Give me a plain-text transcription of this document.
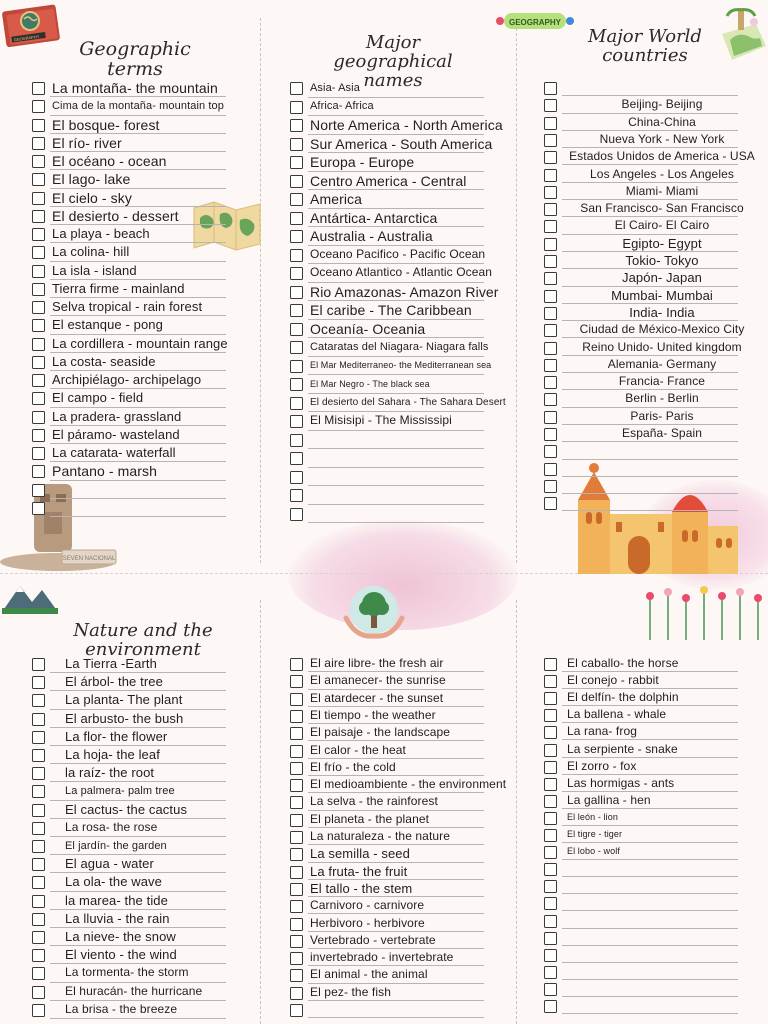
GEOGRAPHY
GEOGRAPHY
SEVEN NACIONAL
Geographic terms
Major geographical names
Major World countries
Nature and the environment
La montaña- the mountain
Cima de la montaña- mountain top
El bosque- forest
El río- river
El océano - ocean
El lago- lake
El cielo - sky
El desierto - dessert
La playa - beach
La colina- hill
La isla - island
Tierra firme - mainland
Selva tropical - rain forest
El estanque - pong
La cordillera - mountain range
La costa- seaside
Archipiélago- archipelago
El campo - field
La pradera- grassland
El páramo- wasteland
La catarata- waterfall
Pantano - marsh
Asia- Asia
Africa- Africa
Norte America - North America
Sur America - South America
Europa - Europe
Centro America - Central
America
Antártica- Antarctica
Australia - Australia
Oceano Pacifico - Pacific Ocean
Oceano Atlantico - Atlantic Ocean
Rio Amazonas- Amazon River
El caribe - The Caribbean
Oceanía- Oceania
Cataratas del Niagara- Niagara falls
El Mar Mediterraneo- the Mediterranean sea
El Mar Negro - The black sea
El desierto del Sahara - The Sahara Desert
El Misisipi - The Mississipi
Beijing- Beijing
China-China
Nueva York - New York
Estados Unidos de America - USA
Los Angeles - Los Angeles
Miami- Miami
San Francisco- San Francisco
El Cairo- El Cairo
Egipto- Egypt
Tokio- Tokyo
Japón- Japan
Mumbai- Mumbai
India- India
Ciudad de México-Mexico City
Reino Unido- United kingdom
Alemania- Germany
Francia- France
Berlin - Berlin
Paris- Paris
España- Spain
La Tierra -Earth
El árbol- the tree
La planta- The plant
El arbusto- the bush
La flor- the flower
La hoja- the leaf
la raíz- the root
La palmera- palm tree
El cactus- the cactus
La rosa- the rose
El jardín- the garden
El agua - water
La ola- the wave
la marea- the tide
La lluvia - the rain
La nieve- the snow
El viento - the wind
La tormenta- the storm
El huracán- the hurricane
La brisa - the breeze
El aire libre- the fresh air
El amanecer- the sunrise
El atardecer - the sunset
El tiempo - the weather
El paisaje - the landscape
El calor - the heat
El frío - the cold
El medioambiente - the environment
La selva - the rainforest
El planeta - the planet
La naturaleza - the nature
La semilla - seed
La fruta- the fruit
El tallo - the stem
Carnivoro - carnivore
Herbivoro - herbivore
Vertebrado - vertebrate
invertebrado - invertebrate
El animal - the animal
El pez- the fish
El caballo- the horse
El conejo - rabbit
El delfín- the dolphin
La ballena - whale
La rana- frog
La serpiente - snake
El zorro - fox
Las hormigas - ants
La gallina - hen
El león - lion
El tigre - tiger
El lobo - wolf
